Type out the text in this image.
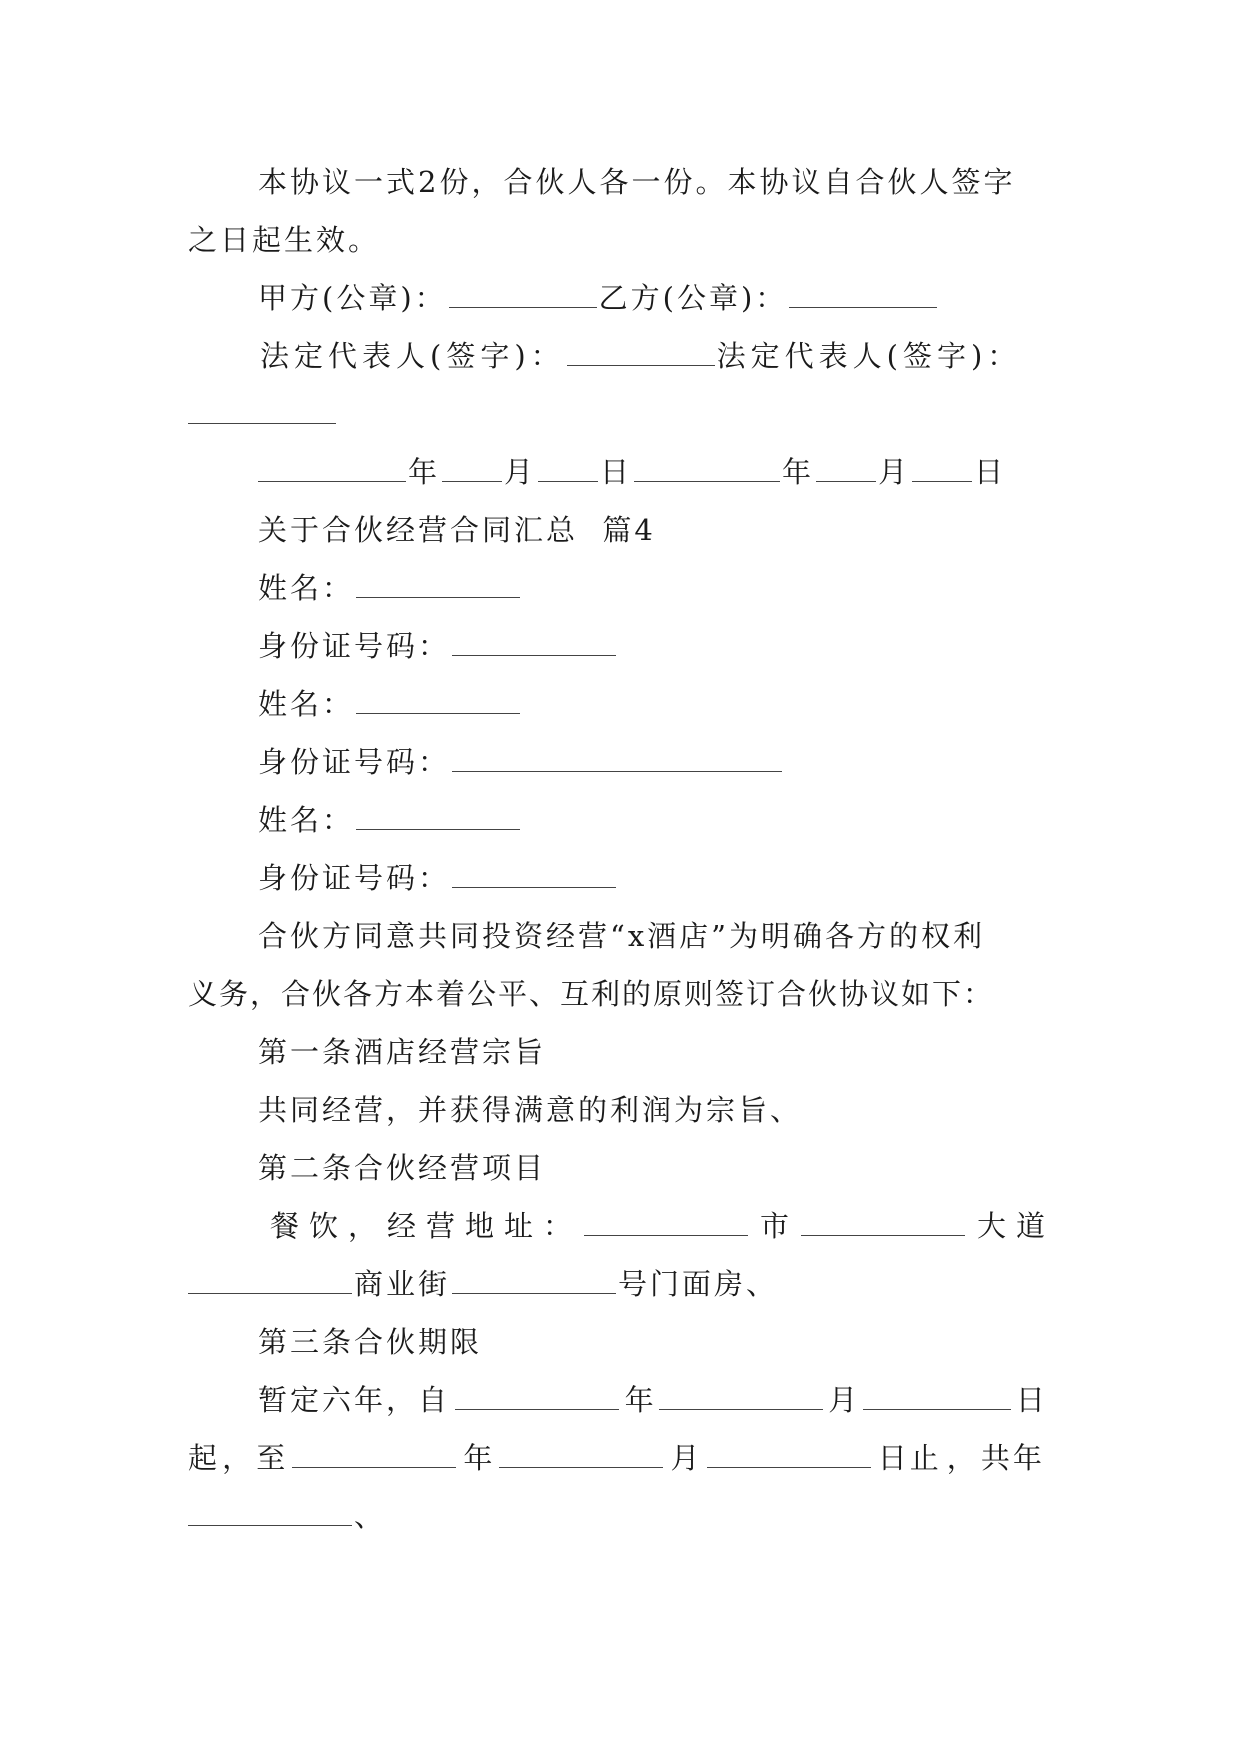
本协议一式2份，合伙人各一份。本协议自合伙人签字
之日起生效。
甲方(公章)：	乙方(公章)：
法定代表人(签字)：	法定代表人(签字)：
年 月 日	年 月 日
关于合伙经营合同汇总  篇4
姓名：
身份证号码：
姓名：
身份证号码：
姓名：
身份证号码：
合伙方同意共同投资经营“x酒店”为明确各方的权利
义务，合伙各方本着公平、互利的原则签订合伙协议如下：
第一条酒店经营宗旨
共同经营，并获得满意的利润为宗旨、
第二条合伙经营项目
餐 饮 ， 经 营 地 址 ：	市	大 道
商业街	号门面房、
第三条合伙期限
暂定六年，自	年	月	日
起 ， 至	年	月	日止 ， 共年
、
